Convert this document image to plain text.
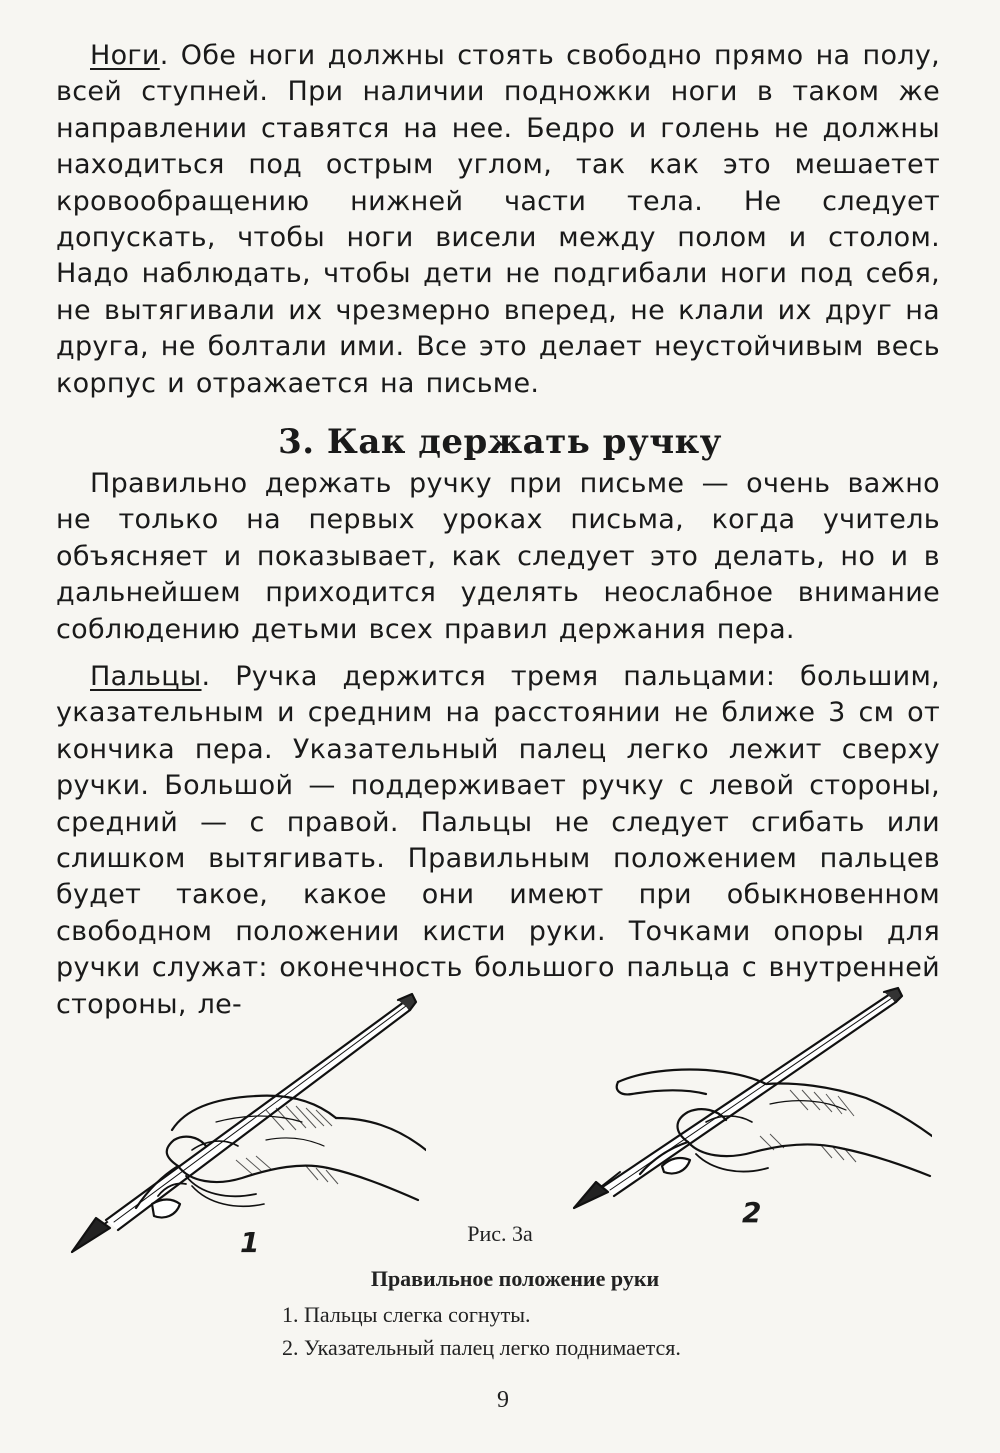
Ноги. Обе ноги должны стоять свободно прямо на полу, всей ступней. При наличии подножки ноги в таком же направлении ставятся на нее. Бедро и голень не должны находиться под острым углом, так как это мешаетет кровообращению нижней части тела. Не следует допускать, чтобы ноги висели между полом и столом. Надо наблюдать, чтобы дети не подгибали ноги под себя, не вытягивали их чрезмерно вперед, не клали их друг на друга, не болтали ими. Все это делает неустойчивым весь корпус и отражается на письме.

3. Как держать ручку

Правильно держать ручку при письме — очень важно не только на первых уроках письма, когда учитель объясняет и показывает, как следует это делать, но и в дальнейшем приходится уделять неослабное внимание соблюдению детьми всех правил держания пера.

Пальцы. Ручка держится тремя пальцами: большим, указательным и средним на расстоянии не ближе 3 см от кончика пера. Указательный палец легко лежит сверху ручки. Большой — поддерживает ручку с левой стороны, средний — с правой. Пальцы не следует сгибать или слишком вытягивать. Правильным положением пальцев будет такое, какое они имеют при обыкновенном свободном положении кисти руки. Точками опоры для ручки служат: оконечность большого пальца с внутренней стороны, ле-

1
2
Рис. 3а
Правильное положение руки
1. Пальцы слегка согнуты.
2. Указательный палец легко поднимается.
9
